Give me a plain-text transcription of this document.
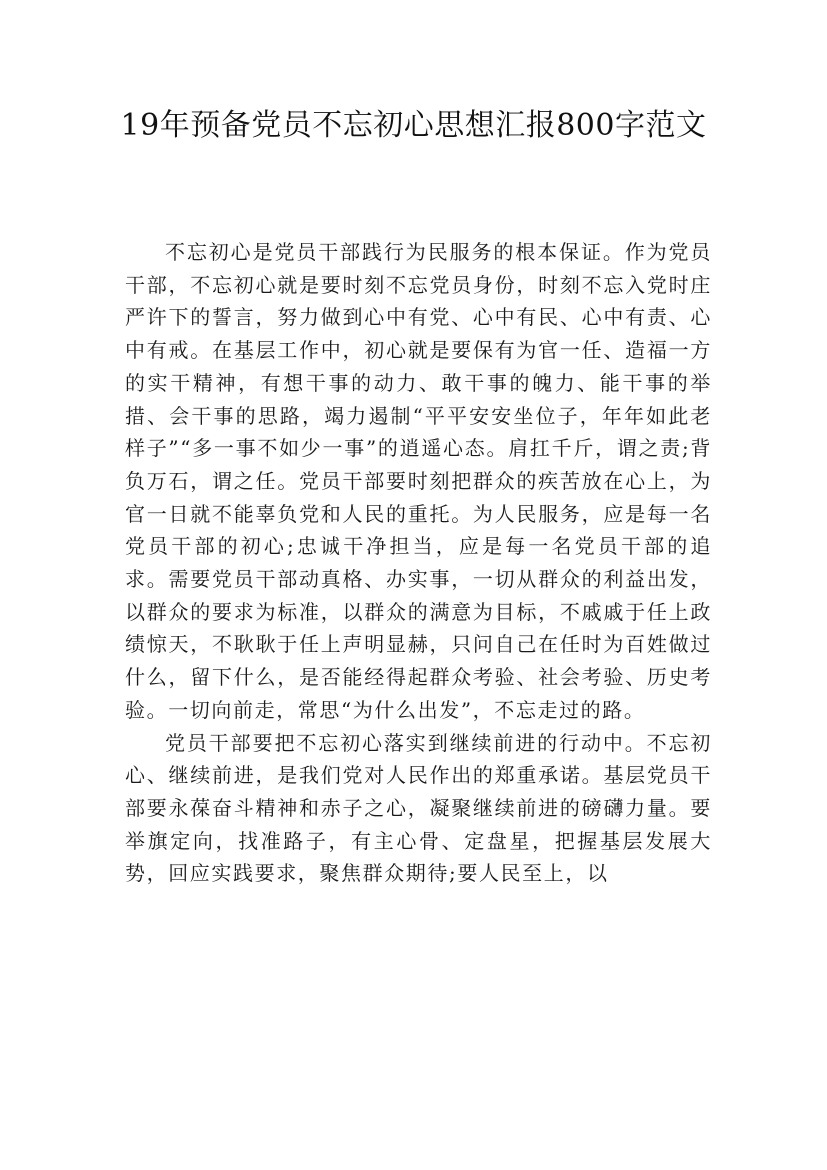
19年预备党员不忘初心思想汇报800字范文

不忘初心是党员干部践行为民服务的根本保证。作为党员干部，不忘初心就是要时刻不忘党员身份，时刻不忘入党时庄严许下的誓言，努力做到心中有党、心中有民、心中有责、心中有戒。在基层工作中，初心就是要保有为官一任、造福一方的实干精神，有想干事的动力、敢干事的魄力、能干事的举措、会干事的思路，竭力遏制“平平安安坐位子，年年如此老样子”“多一事不如少一事”的逍遥心态。肩扛千斤，谓之责;背负万石，谓之任。党员干部要时刻把群众的疾苦放在心上，为官一日就不能辜负党和人民的重托。为人民服务，应是每一名党员干部的初心;忠诚干净担当，应是每一名党员干部的追求。需要党员干部动真格、办实事，一切从群众的利益出发，以群众的要求为标准，以群众的满意为目标，不戚戚于任上政绩惊天，不耿耿于任上声明显赫，只问自己在任时为百姓做过什么，留下什么，是否能经得起群众考验、社会考验、历史考验。一切向前走，常思“为什么出发”，不忘走过的路。

党员干部要把不忘初心落实到继续前进的行动中。不忘初心、继续前进，是我们党对人民作出的郑重承诺。基层党员干部要永葆奋斗精神和赤子之心，凝聚继续前进的磅礴力量。要举旗定向，找准路子，有主心骨、定盘星，把握基层发展大势，回应实践要求，聚焦群众期待;要人民至上，以
